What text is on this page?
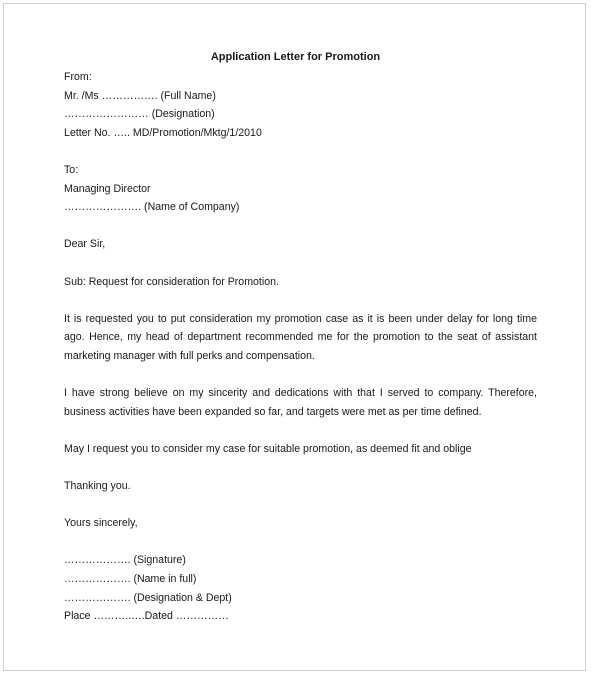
Application Letter for Promotion
From:
Mr. /Ms ……………. (Full Name)
…………………… (Designation)
Letter No. ….. MD/Promotion/Mktg/1/2010
To:
Managing Director
…………………. (Name of Company)
Dear Sir,
Sub: Request for consideration for Promotion.
It is requested you to put consideration my promotion case as it is been under delay for long time ago. Hence, my head of department recommended me for the promotion to the seat of assistant marketing manager with full perks and compensation.
I have strong believe on my sincerity and dedications with that I served to company. Therefore, business activities have been expanded so far, and targets were met as per time defined.
May I request you to consider my case for suitable promotion, as deemed fit and oblige
Thanking you.
Yours sincerely,
………………. (Signature)
………………. (Name in full)
………………. (Designation & Dept)
Place ………..….Dated ……………
